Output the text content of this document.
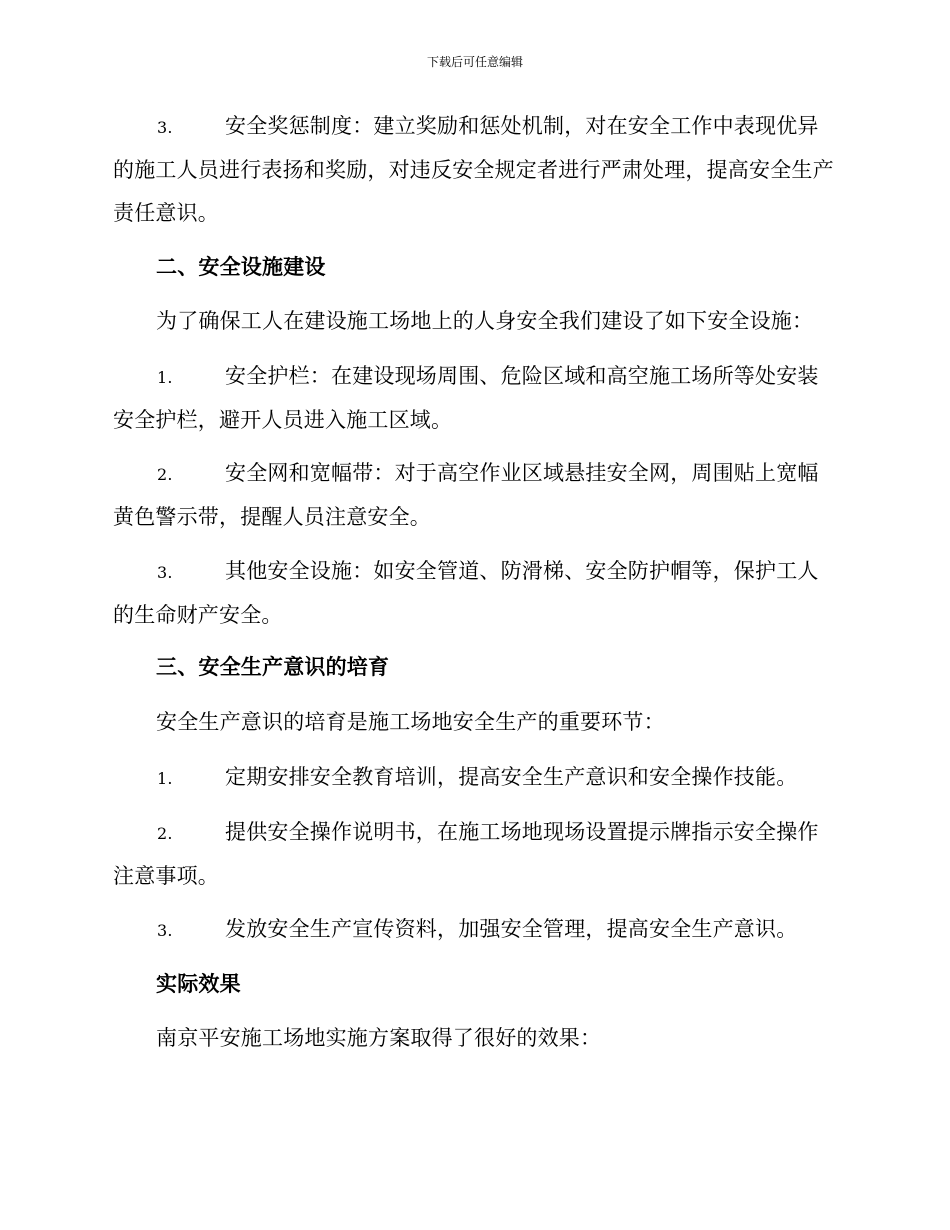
下载后可任意编辑
3. 安全奖惩制度：建立奖励和惩处机制，对在安全工作中表现优异的施工人员进行表扬和奖励，对违反安全规定者进行严肃处理，提高安全生产责任意识。
二、安全设施建设
为了确保工人在建设施工场地上的人身安全我们建设了如下安全设施：
1. 安全护栏：在建设现场周围、危险区域和高空施工场所等处安装安全护栏，避开人员进入施工区域。
2. 安全网和宽幅带：对于高空作业区域悬挂安全网，周围贴上宽幅黄色警示带，提醒人员注意安全。
3. 其他安全设施：如安全管道、防滑梯、安全防护帽等，保护工人的生命财产安全。
三、安全生产意识的培育
安全生产意识的培育是施工场地安全生产的重要环节：
1. 定期安排安全教育培训，提高安全生产意识和安全操作技能。
2. 提供安全操作说明书，在施工场地现场设置提示牌指示安全操作注意事项。
3. 发放安全生产宣传资料，加强安全管理，提高安全生产意识。
实际效果
南京平安施工场地实施方案取得了很好的效果：
